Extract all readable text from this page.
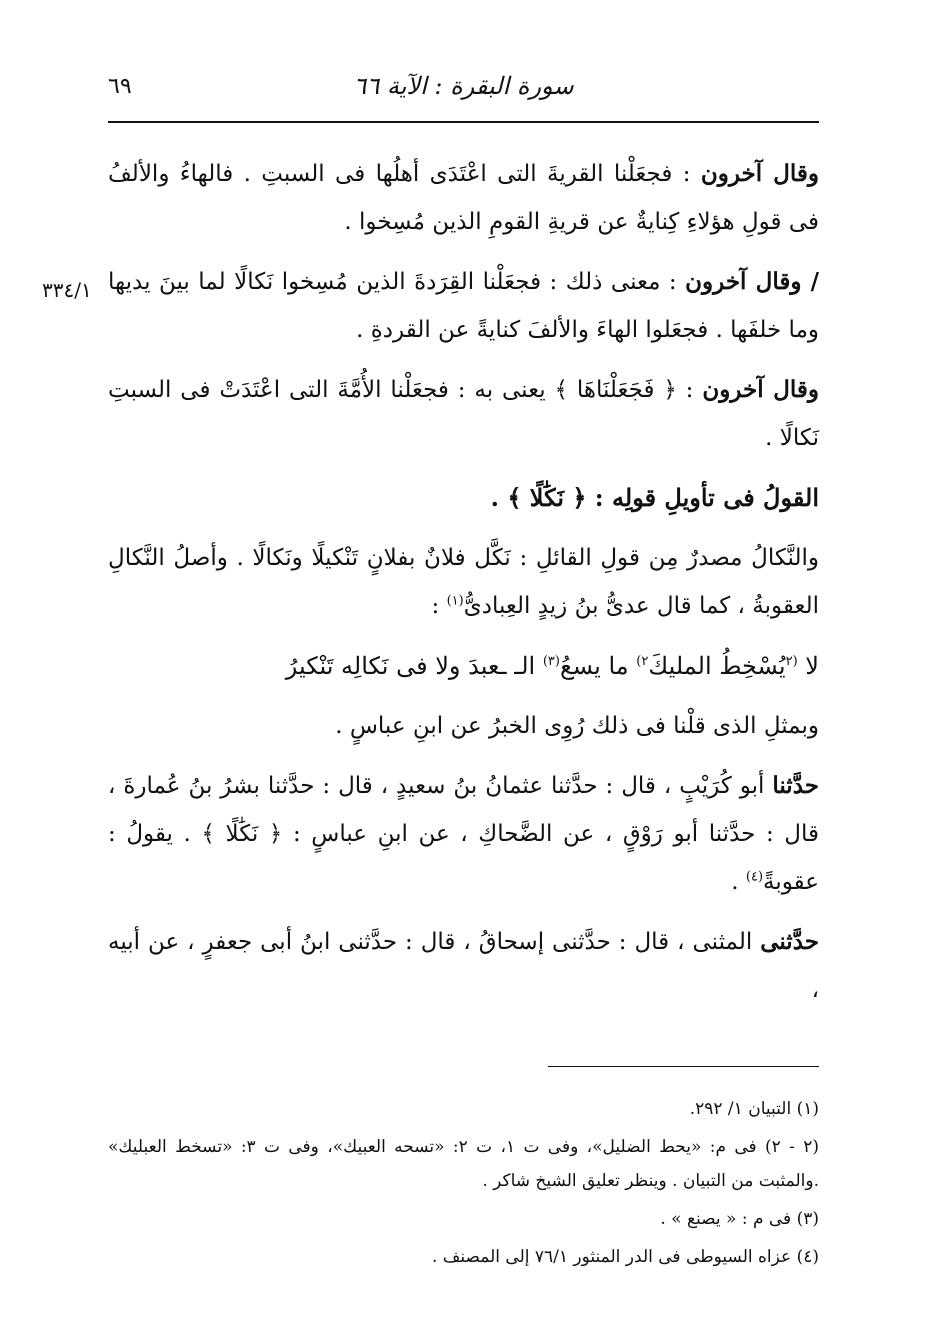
٦٩	سورة البقرة : الآية ٦٦
٣٣٤/١
وقال آخرون : فجعَلْنا القريةَ التى اعْتَدَى أهلُها فى السبتِ . فالهاءُ والألفُ فى قولِ هؤلاءِ كِنايةٌ عن قريةِ القومِ الذين مُسِخوا .
/ وقال آخرون : معنى ذلك : فجعَلْنا القِرَدةَ الذين مُسِخوا نَكالًا لما بينَ يديها وما خلفَها . فجعَلوا الهاءَ والألفَ كنايةً عن القردةِ .
وقال آخرون : ﴿ فَجَعَلْنَاهَا ﴾ يعنى به : فجعَلْنا الأُمَّةَ التى اعْتَدَتْ فى السبتِ نَكالًا .
القولُ فى تأويلِ قولِه : ﴿ نَكَٰلًا ﴾ .
والنَّكالُ مصدرٌ مِن قولِ القائلِ : نَكَّل فلانٌ بفلانٍ تَنْكيلًا ونَكالًا . وأصلُ النَّكالِ العقوبةُ ، كما قال عدىُّ بنُ زيدٍ العِبادىُّ$^{(١)}$ :
لا $^{(٢}$يُسْخِطُ المليكَ$^{٢)}$ ما يسعُ$^{(٣)}$ الـ ـعبدَ ولا فى نَكالِه تَنْكيرُ
وبمثلِ الذى قلْنا فى ذلك رُوِى الخبرُ عن ابنِ عباسٍ .
حدَّثنا أبو كُرَيْبٍ ، قال : حدَّثنا عثمانُ بنُ سعيدٍ ، قال : حدَّثنا بشرُ بنُ عُمارةَ ، قال : حدَّثنا أبو رَوْقٍ ، عن الضَّحاكِ ، عن ابنِ عباسٍ : ﴿ نَكَٰلًا ﴾ . يقولُ : عقوبةً$^{(٤)}$ .
حدَّثنى المثنى ، قال : حدَّثنى إسحاقُ ، قال : حدَّثنى ابنُ أبى جعفرٍ ، عن أبيه ،
(١) التبيان ١/ ٢٩٢.
(٢ - ٢) فى م: «يحط الضليل»، وفى ت ١، ت ٢: «تسحه العبيك»، وفى ت ٣: «تسخط العبليك» .والمثبت من التبيان . وينظر تعليق الشيخ شاكر .
(٣) فى م : « يصنع » .
(٤) عزاه السيوطى فى الدر المنثور ٧٦/١ إلى المصنف .
